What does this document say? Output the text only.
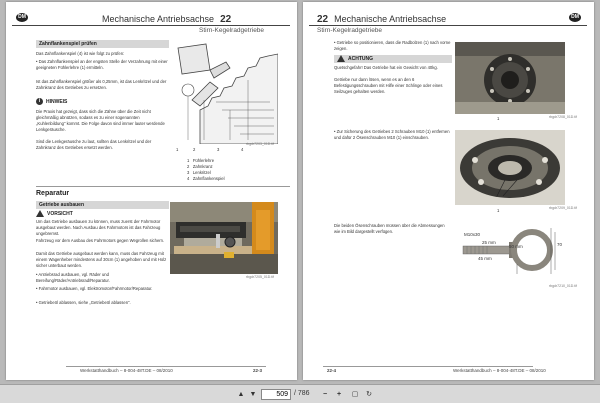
DM	Mechanische Antriebsachse 22
Stirn-Kegelradgetriebe
Zahnflankenspiel prüfen
Das Zahnflankenspiel (4) ist wie folgt zu prüfen:
• Das Zahnflankenspiel an der engsten Stelle der Verzahnung mit einer geeigneten Fühlerlehre (1) ermitteln.
Ist das Zahnflankenspiel größer als 0,25mm, ist das Lenkritzel und der Zahnkranz des Getriebes zu ersetzen.
i HINWEIS
Die Praxis hat gezeigt, dass sich die Zähne über die Zeit nicht gleichmäßig abnützen, sodass es zu einer sogenannten „Kuhlenbildung" kommt. Die Folge davon sind immer lauter werdende Lenkgeräusche.
Sind die Lenkgeräusche zu laut, sollten das Lenkritzel und der Zahnkranz des Getriebes ersetzt werden.	1	2	3	4
rbgdr7203_01D.tif
1 Fühlerlehre
2 Zahnkranz
3 Lenkritzel
4 Zahnflankenspiel
Reparatur
Getriebe ausbauen
VORSICHT
Um das Getriebe ausbauen zu können, muss zuerst der Fahrmotor ausgebaut werden. Nach Ausbau des Fahrmotors ist das Fahrzeug ungebremst.
Fahrzeug vor dem Ausbau des Fahrmotors gegen Wegrollen sichern.
Damit das Getriebe ausgebaut werden kann, muss das Fahrzeug mit einem Wagenheber mindestens auf 30cm (1) angehoben und mit Holz sicher unterbaut werden.
• Antriebsrad ausbauen, vgl. Räder und Bereifung/Räder/Antriebsrad/Reparatur.
• Fahrmotor ausbauen, vgl. Elektromotor/Fahrmotor/Reparatur.
• Getriebeöl ablassen, siehe „Getriebeöl ablassen".
rbgdr7205_01D.tif
Werkstatthandbuch – 8-004-48T.DE – 08/2010	22-3
22 Mechanische Antriebsachse
Stirn-Kegelradgetriebe
DM
• Getriebe so positionieren, dass die Radbolzen (1) nach vorne zeigen.
ACHTUNG
Quetschgefahr! Das Getriebe hat ein Gewicht von 40kg.
Getriebe nur dann lösen, wenn es an den 6 Befestigungsschrauben mit Hilfe einer Schlinge oder eines Seilzuges gehalten werden.
1	rbgdr7208_01D.tif
• Zur Sicherung des Getriebes 2 Schrauben M10 (1) entfernen und dafür 2 Ösenschrauben M10 (1) einschrauben.
1	rbgdr7209_01D.tif
Die beiden Ösenschrauben müssen über die Abmessungen wie im Bild dargestellt verfügen.
M10x30
25 mm
45 mm
50 mm	70
rbgdr7210_01D.tif
22-4	Werkstatthandbuch – 8-004-48T.DE – 08/2010
▲ ▼
509	/ 786	−	+	▢ ↻
